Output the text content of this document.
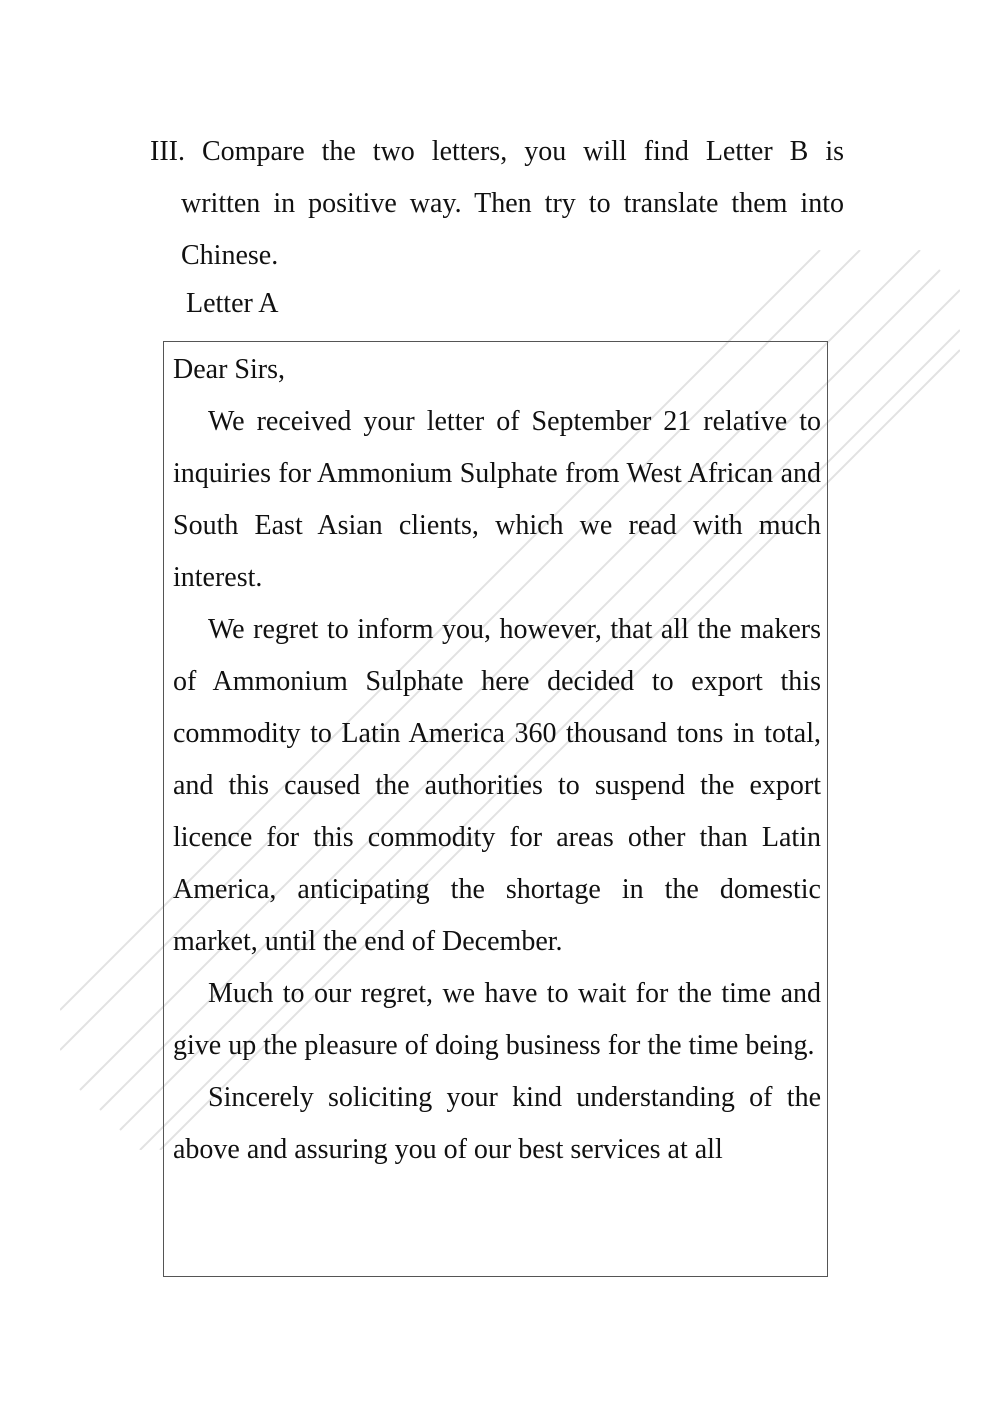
III. Compare the two letters, you will find Letter B is
written in positive way. Then try to translate them into Chinese.
Letter A

Dear Sirs,

We received your letter of September 21 relative to inquiries for Ammonium Sulphate from West African and South East Asian clients, which we read with much interest.

We regret to inform you, however, that all the makers of Ammonium Sulphate here decided to export this commodity to Latin America 360 thousand tons in total, and this caused the authorities to suspend the export licence for this commodity for areas other than Latin America, anticipating the shortage in the domestic market, until the end of December.

Much to our regret, we have to wait for the time and give up the pleasure of doing business for the time being.

Sincerely soliciting your kind understanding of the above and assuring you of our best services at all
